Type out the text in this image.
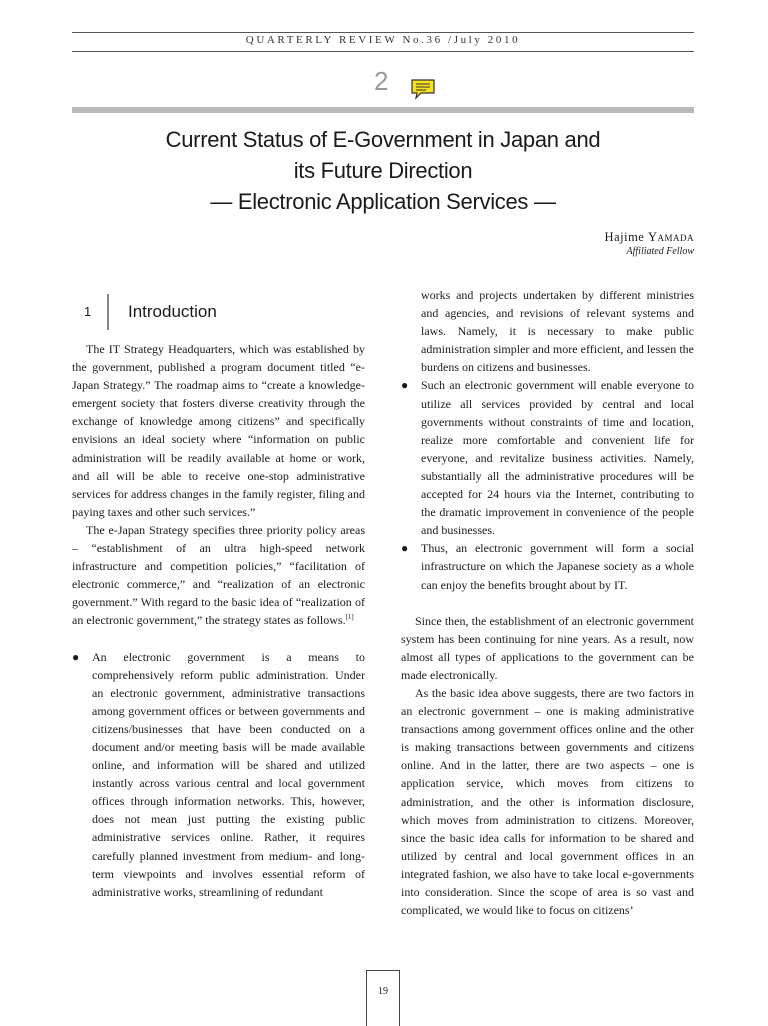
QUARTERLY REVIEW No.36 /July 2010
2
Current Status of E-Government in Japan and
its Future Direction
— Electronic Application Services —
Hajime Yamada
Affiliated Fellow
1 Introduction

The IT Strategy Headquarters, which was established by the government, published a program document titled “e-Japan Strategy.” The roadmap aims to “create a knowledge-emergent society that fosters diverse creativity through the exchange of knowledge among citizens” and specifically envisions an ideal society where “information on public administration will be readily available at home or work, and all will be able to receive one-stop administrative services for address changes in the family register, filing and paying taxes and other such services.”

The e-Japan Strategy specifies three priority policy areas – “establishment of an ultra high-speed network infrastructure and competition policies,” “facilitation of electronic commerce,” and “realization of an electronic government.” With regard to the basic idea of “realization of an electronic government,” the strategy states as follows.[1]

● An electronic government is a means to comprehensively reform public administration. Under an electronic government, administrative transactions among government offices or between governments and citizens/businesses that have been conducted on a document and/or meeting basis will be made available online, and information will be shared and utilized instantly across various central and local government offices through information networks. This, however, does not mean just putting the existing public administrative services online. Rather, it requires carefully planned investment from medium- and long-term viewpoints and involves essential reform of administrative works, streamlining of redundant
works and projects undertaken by different ministries and agencies, and revisions of relevant systems and laws. Namely, it is necessary to make public administration simpler and more efficient, and lessen the burdens on citizens and businesses.
● Such an electronic government will enable everyone to utilize all services provided by central and local governments without constraints of time and location, realize more comfortable and convenient life for everyone, and revitalize business activities. Namely, substantially all the administrative procedures will be accepted for 24 hours via the Internet, contributing to the dramatic improvement in convenience of the people and businesses.
● Thus, an electronic government will form a social infrastructure on which the Japanese society as a whole can enjoy the benefits brought about by IT.

Since then, the establishment of an electronic government system has been continuing for nine years. As a result, now almost all types of applications to the government can be made electronically.

As the basic idea above suggests, there are two factors in an electronic government – one is making administrative transactions among government offices online and the other is making transactions between governments and citizens online. And in the latter, there are two aspects – one is application service, which moves from citizens to administration, and the other is information disclosure, which moves from administration to citizens. Moreover, since the basic idea calls for information to be shared and utilized by central and local government offices in an integrated fashion, we also have to take local e-governments into consideration. Since the scope of area is so vast and complicated, we would like to focus on citizens’

19
